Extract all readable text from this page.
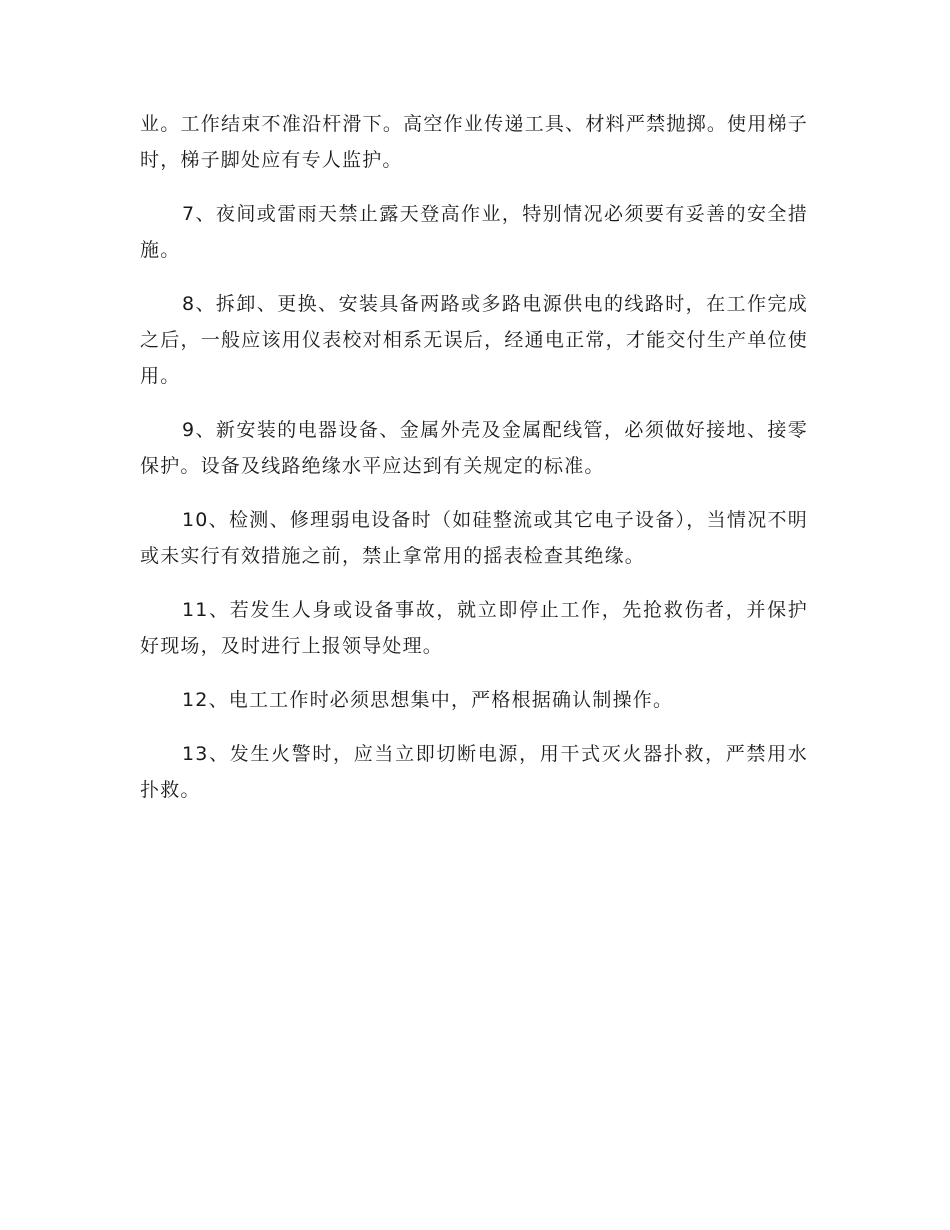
业。工作结束不准沿杆滑下。高空作业传递工具、材料严禁抛掷。使用梯子时，梯子脚处应有专人监护。

7、夜间或雷雨天禁止露天登高作业，特别情况必须要有妥善的安全措施。

8、拆卸、更换、安装具备两路或多路电源供电的线路时，在工作完成之后，一般应该用仪表校对相系无误后，经通电正常，才能交付生产单位使用。

9、新安装的电器设备、金属外壳及金属配线管，必须做好接地、接零保护。设备及线路绝缘水平应达到有关规定的标准。

10、检测、修理弱电设备时（如硅整流或其它电子设备），当情况不明或未实行有效措施之前，禁止拿常用的摇表检查其绝缘。

11、若发生人身或设备事故，就立即停止工作，先抢救伤者，并保护好现场，及时进行上报领导处理。

12、电工工作时必须思想集中，严格根据确认制操作。

13、发生火警时，应当立即切断电源，用干式灭火器扑救，严禁用水扑救。
